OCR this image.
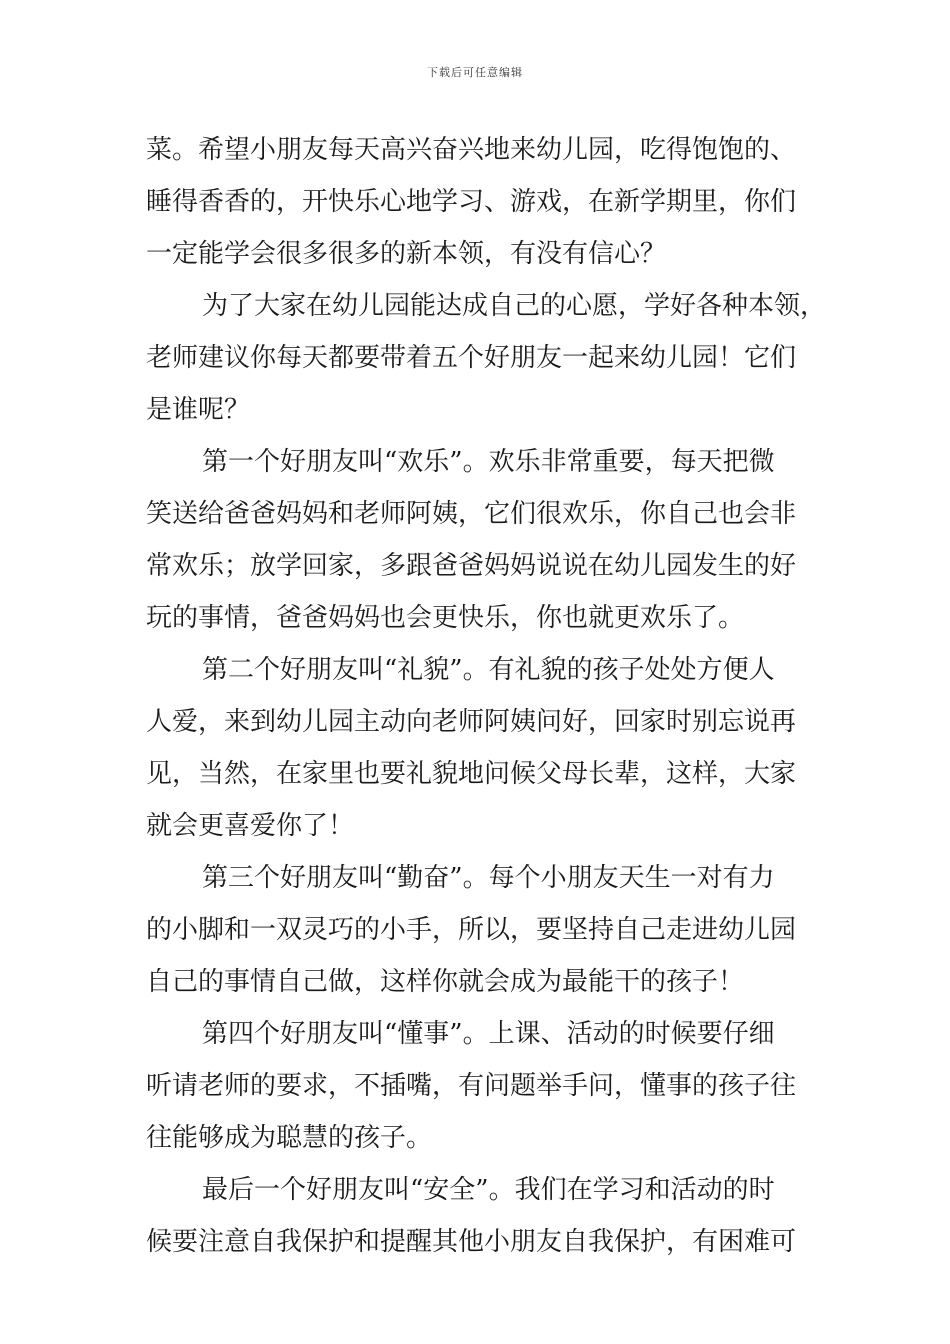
下载后可任意编辑
菜。希望小朋友每天高兴奋兴地来幼儿园，吃得饱饱的、
睡得香香的，开快乐心地学习、游戏，在新学期里，你们
一定能学会很多很多的新本领，有没有信心？
为了大家在幼儿园能达成自己的心愿，学好各种本领，
老师建议你每天都要带着五个好朋友一起来幼儿园！它们
是谁呢？
第一个好朋友叫“欢乐”。欢乐非常重要，每天把微
笑送给爸爸妈妈和老师阿姨，它们很欢乐，你自己也会非
常欢乐；放学回家，多跟爸爸妈妈说说在幼儿园发生的好
玩的事情，爸爸妈妈也会更快乐，你也就更欢乐了。
第二个好朋友叫“礼貌”。有礼貌的孩子处处方便人
人爱，来到幼儿园主动向老师阿姨问好，回家时别忘说再
见，当然，在家里也要礼貌地问候父母长辈，这样，大家
就会更喜爱你了！
第三个好朋友叫“勤奋”。每个小朋友天生一对有力
的小脚和一双灵巧的小手，所以，要坚持自己走进幼儿园
自己的事情自己做，这样你就会成为最能干的孩子！
第四个好朋友叫“懂事”。上课、活动的时候要仔细
听请老师的要求，不插嘴，有问题举手问，懂事的孩子往
往能够成为聪慧的孩子。
最后一个好朋友叫“安全”。我们在学习和活动的时
候要注意自我保护和提醒其他小朋友自我保护，有困难可
